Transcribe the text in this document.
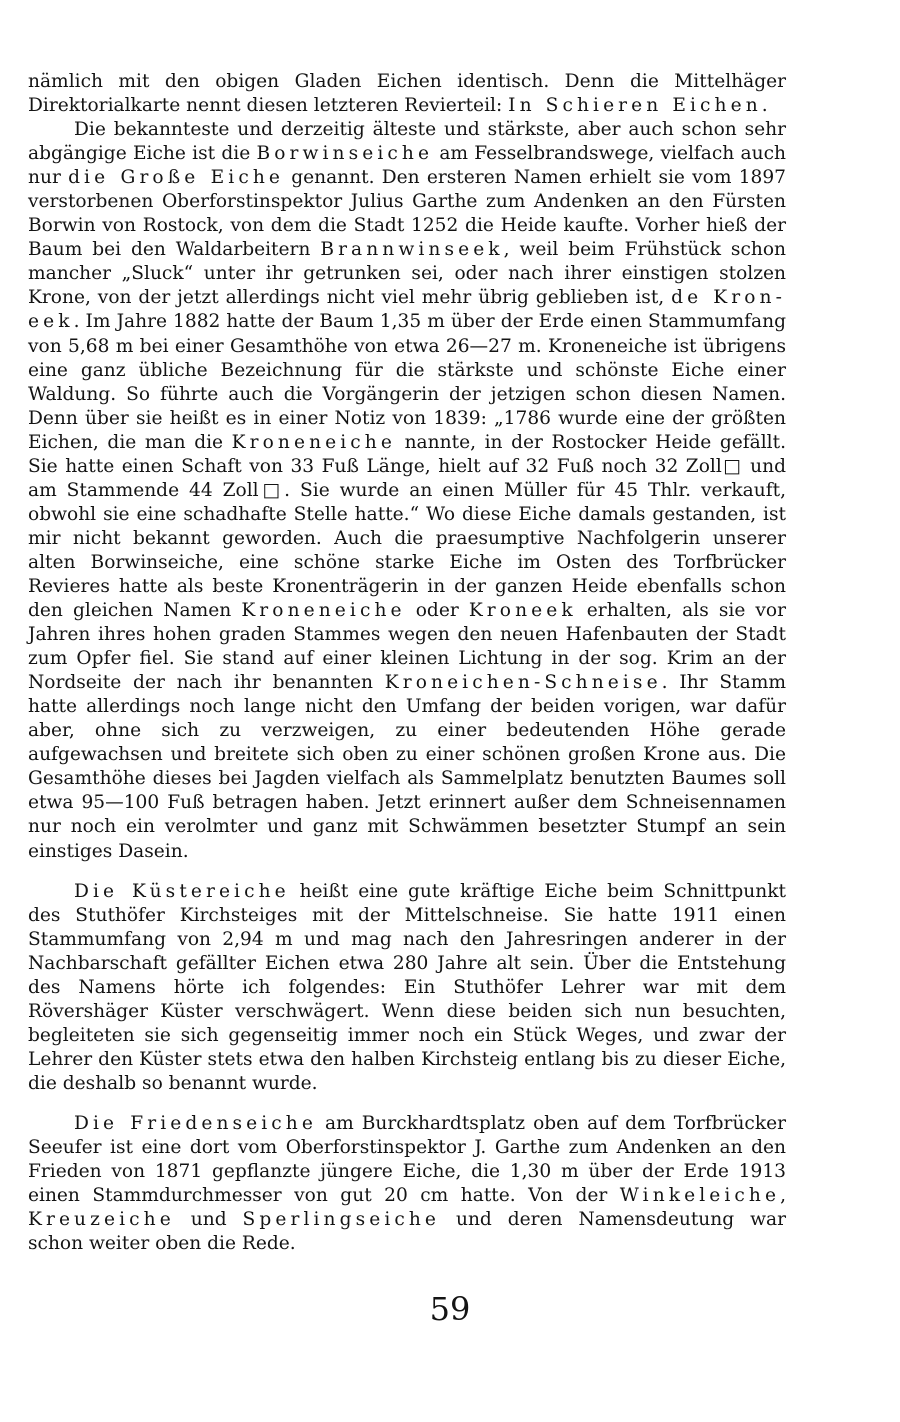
nämlich mit den obigen Gladen Eichen identisch. Denn die Mittelhäger Direktorialkarte nennt diesen letzteren Revierteil: In Schieren Eichen.

Die bekannteste und derzeitig älteste und stärkste, aber auch schon sehr abgängige Eiche ist die Borwinseiche am Fesselbrandswege, vielfach auch nur die Große Eiche genannt. Den ersteren Namen erhielt sie vom 1897 verstorbenen Oberforstinspektor Julius Garthe zum Andenken an den Fürsten Borwin von Rostock, von dem die Stadt 1252 die Heide kaufte. Vorher hieß der Baum bei den Waldarbeitern Brannwinseek, weil beim Frühstück schon mancher „Sluck“ unter ihr getrunken sei, oder nach ihrer einstigen stolzen Krone, von der jetzt allerdings nicht viel mehr übrig geblieben ist, de Kron-eek. Im Jahre 1882 hatte der Baum 1,35 m über der Erde einen Stammumfang von 5,68 m bei einer Gesamthöhe von etwa 26—27 m. Kroneneiche ist übrigens eine ganz übliche Bezeichnung für die stärkste und schönste Eiche einer Waldung. So führte auch die Vorgängerin der jetzigen schon diesen Namen. Denn über sie heißt es in einer Notiz von 1839: „1786 wurde eine der größten Eichen, die man die Kroneneiche nannte, in der Rostocker Heide gefällt. Sie hatte einen Schaft von 33 Fuß Länge, hielt auf 32 Fuß noch 32 Zoll□ und am Stammende 44 Zoll□. Sie wurde an einen Müller für 45 Thlr. verkauft, obwohl sie eine schadhafte Stelle hatte.“ Wo diese Eiche damals gestanden, ist mir nicht bekannt geworden. Auch die praesumptive Nachfolgerin unserer alten Borwinseiche, eine schöne starke Eiche im Osten des Torfbrücker Revieres hatte als beste Kronenträgerin in der ganzen Heide ebenfalls schon den gleichen Namen Kroneneiche oder Kroneek erhalten, als sie vor Jahren ihres hohen graden Stammes wegen den neuen Hafenbauten der Stadt zum Opfer fiel. Sie stand auf einer kleinen Lichtung in der sog. Krim an der Nordseite der nach ihr benannten Kroneichen-Schneise. Ihr Stamm hatte allerdings noch lange nicht den Umfang der beiden vorigen, war dafür aber, ohne sich zu verzweigen, zu einer bedeutenden Höhe gerade aufgewachsen und breitete sich oben zu einer schönen großen Krone aus. Die Gesamthöhe dieses bei Jagden vielfach als Sammelplatz benutzten Baumes soll etwa 95—100 Fuß betragen haben. Jetzt erinnert außer dem Schneisennamen nur noch ein verolmter und ganz mit Schwämmen besetzter Stumpf an sein einstiges Dasein.

Die Küstereiche heißt eine gute kräftige Eiche beim Schnittpunkt des Stuthöfer Kirchsteiges mit der Mittelschneise. Sie hatte 1911 einen Stammumfang von 2,94 m und mag nach den Jahresringen anderer in der Nachbarschaft gefällter Eichen etwa 280 Jahre alt sein. Über die Entstehung des Namens hörte ich folgendes: Ein Stuthöfer Lehrer war mit dem Rövershäger Küster verschwägert. Wenn diese beiden sich nun besuchten, begleiteten sie sich gegenseitig immer noch ein Stück Weges, und zwar der Lehrer den Küster stets etwa den halben Kirchsteig entlang bis zu dieser Eiche, die deshalb so benannt wurde.

Die Friedenseiche am Burckhardtsplatz oben auf dem Torfbrücker Seeufer ist eine dort vom Oberforstinspektor J. Garthe zum Andenken an den Frieden von 1871 gepflanzte jüngere Eiche, die 1,30 m über der Erde 1913 einen Stammdurchmesser von gut 20 cm hatte. Von der Winkeleiche, Kreuzeiche und Sperlingseiche und deren Namensdeutung war schon weiter oben die Rede.

59
